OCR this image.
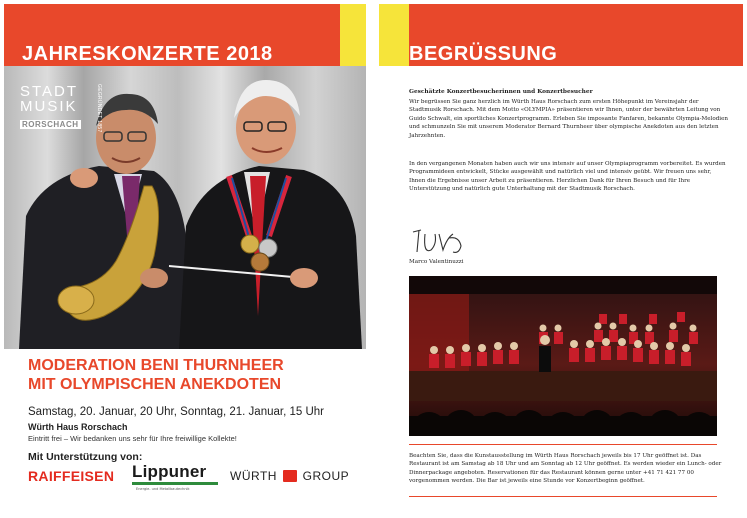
JAHRESKONZERTE 2018
STADT
MUSIK
RORSCHACH	GEGRÜNDET 1857
MODERATION BENI THURNHEER
MIT OLYMPISCHEN ANEKDOTEN
Samstag, 20. Januar, 20 Uhr, Sonntag, 21. Januar, 15 Uhr
Würth Haus Rorschach
Eintritt frei – Wir bedanken uns sehr für Ihre freiwillige Kollekte!
Mit Unterstützung von:
RAIFFEISEN Lippuner
Energie- und Metallbautechnik
WÜRTH GROUP
BEGRÜSSUNG
Geschätzte Konzertbesucherinnen und Konzertbesucher
Wir begrüssen Sie ganz herzlich im Würth Haus Rorschach zum ersten Höhepunkt im Vereinsjahr der Stadtmusik Rorschach. Mit dem Motto «OLYMPIA» präsentieren wir Ihnen, unter der bewährten Leitung von Guido Schwalt, ein sportliches Konzertprogramm. Erleben Sie imposante Fanfaren, bekannte Olympia-Melodien und schmunzeln Sie mit unserem Moderator Bernard Thurnheer über olympische Anekdoten aus den letzten Jahrzehnten.
In den vergangenen Monaten haben auch wir uns intensiv auf unser Olympiaprogramm vorbereitet. Es wurden Programmideen entwickelt, Stücke ausgewählt und natürlich viel und intensiv geübt. Wir freuen uns sehr, Ihnen die Ergebnisse unser Arbeit zu präsentieren. Herzlichen Dank für Ihren Besuch und für Ihre Unterstützung und natürlich gute Unterhaltung mit der Stadtmusik Rorschach.
Marco Valentinuzzi
Beachten Sie, dass die Kunstausstellung im Würth Haus Rorschach jeweils bis 17 Uhr geöffnet ist. Das Restaurant ist am Samstag ab 18 Uhr und am Sonntag ab 12 Uhr geöffnet. Es werden wieder ein Lunch- oder Dinnerpackage angeboten. Reservationen für das Restaurant können gerne unter +41 71 421 77 00 vorgenommen werden. Die Bar ist jeweils eine Stunde vor Konzertbeginn geöffnet.
